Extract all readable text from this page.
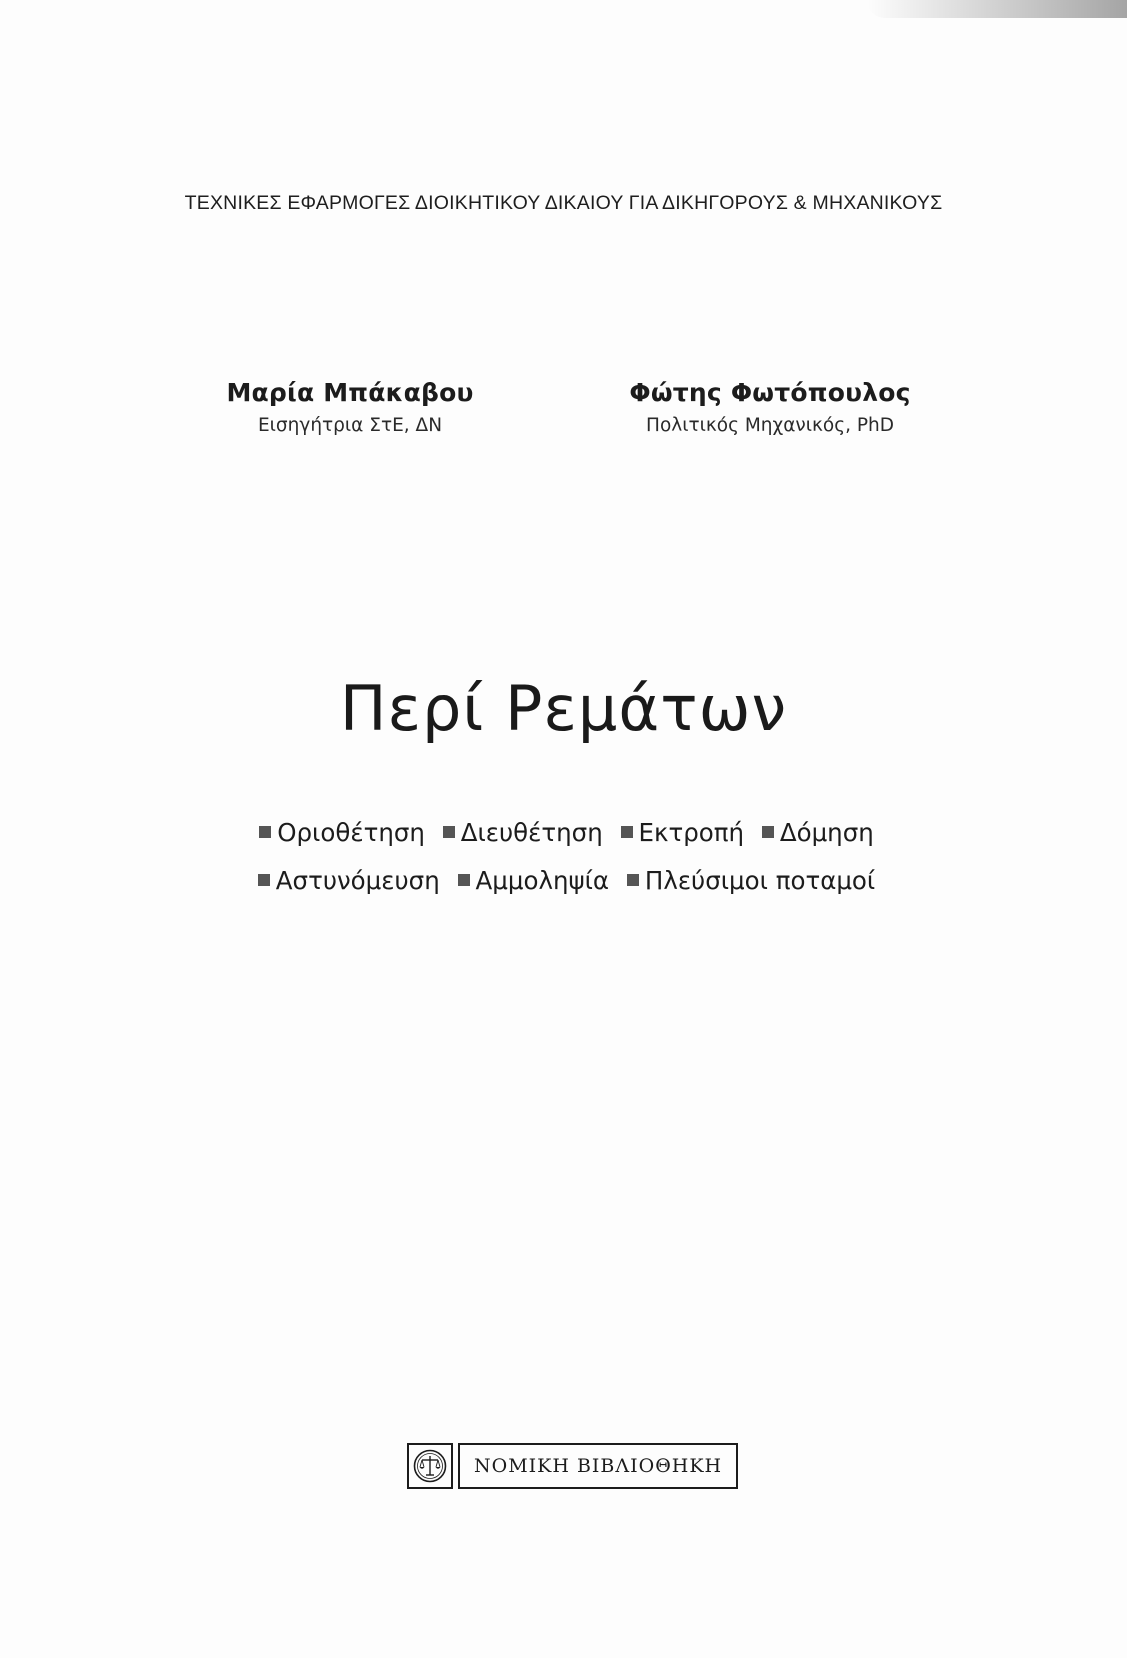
ΤΕΧΝΙΚΕΣ ΕΦΑΡΜΟΓΕΣ ΔΙΟΙΚΗΤΙΚΟΥ ΔΙΚΑΙΟΥ ΓΙΑ ΔΙΚΗΓΟΡΟΥΣ & ΜΗΧΑΝΙΚΟΥΣ
Μαρία Μπάκαβου
Εισηγήτρια ΣτΕ, ΔΝ
Φώτης Φωτόπουλος
Πολιτικός Μηχανικός, PhD
Περί Ρεμάτων
Οριοθέτηση Διευθέτηση Εκτροπή Δόμηση
Αστυνόμευση Αμμοληψία Πλεύσιμοι ποταμοί
ΝΟΜΙΚΗ ΒΙΒΛΙΟΘΗΚΗ
